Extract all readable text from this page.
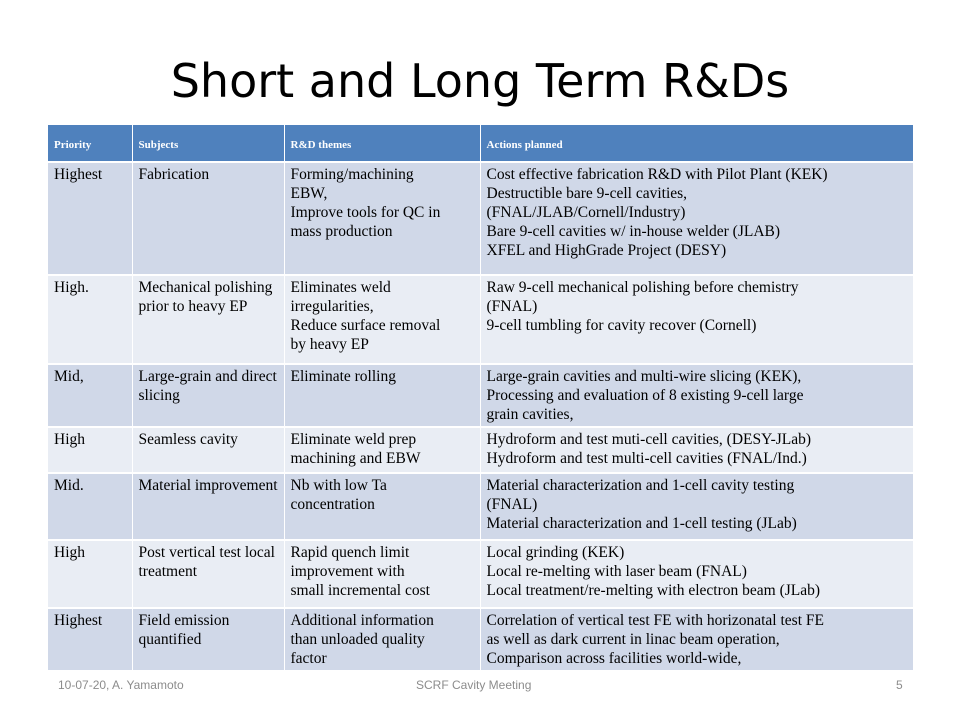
Short and Long Term R&Ds
Priority	Subjects	R&D themes	Actions planned
Highest	Fabrication	Forming/machining
EBW,
Improve tools for QC in
mass production	Cost effective fabrication R&D with Pilot Plant (KEK)
Destructible bare 9-cell cavities,
(FNAL/JLAB/Cornell/Industry)
Bare 9-cell cavities w/ in-house welder (JLAB)
XFEL and HighGrade Project (DESY)

High.	Mechanical polishing prior to heavy EP	Eliminates weld
irregularities,
Reduce surface removal
by heavy EP	Raw 9-cell mechanical polishing before chemistry
(FNAL)
9-cell tumbling for cavity recover (Cornell)

Mid,	Large-grain and direct slicing	Eliminate rolling	Large-grain cavities and multi-wire slicing (KEK),
Processing and evaluation of 8 existing 9-cell large
grain cavities,

High	Seamless cavity	Eliminate weld prep
machining and EBW	Hydroform and test muti-cell cavities, (DESY-JLab)
Hydroform and test multi-cell cavities (FNAL/Ind.)

Mid.	Material improvement	Nb with low Ta
concentration	Material characterization and 1-cell cavity testing
(FNAL)
Material characterization and 1-cell testing (JLab)

High	Post vertical test local treatment	Rapid quench limit
improvement with
small incremental cost	Local grinding (KEK)
Local re-melting with laser beam (FNAL)
Local treatment/re-melting with electron beam (JLab)

Highest	Field emission quantified	Additional information
than unloaded quality
factor	Correlation of vertical test FE with horizonatal test FE
as well as dark current in linac beam operation,
Comparison across facilities world-wide,
10-07-20, A. Yamamoto	SCRF Cavity Meeting	5
